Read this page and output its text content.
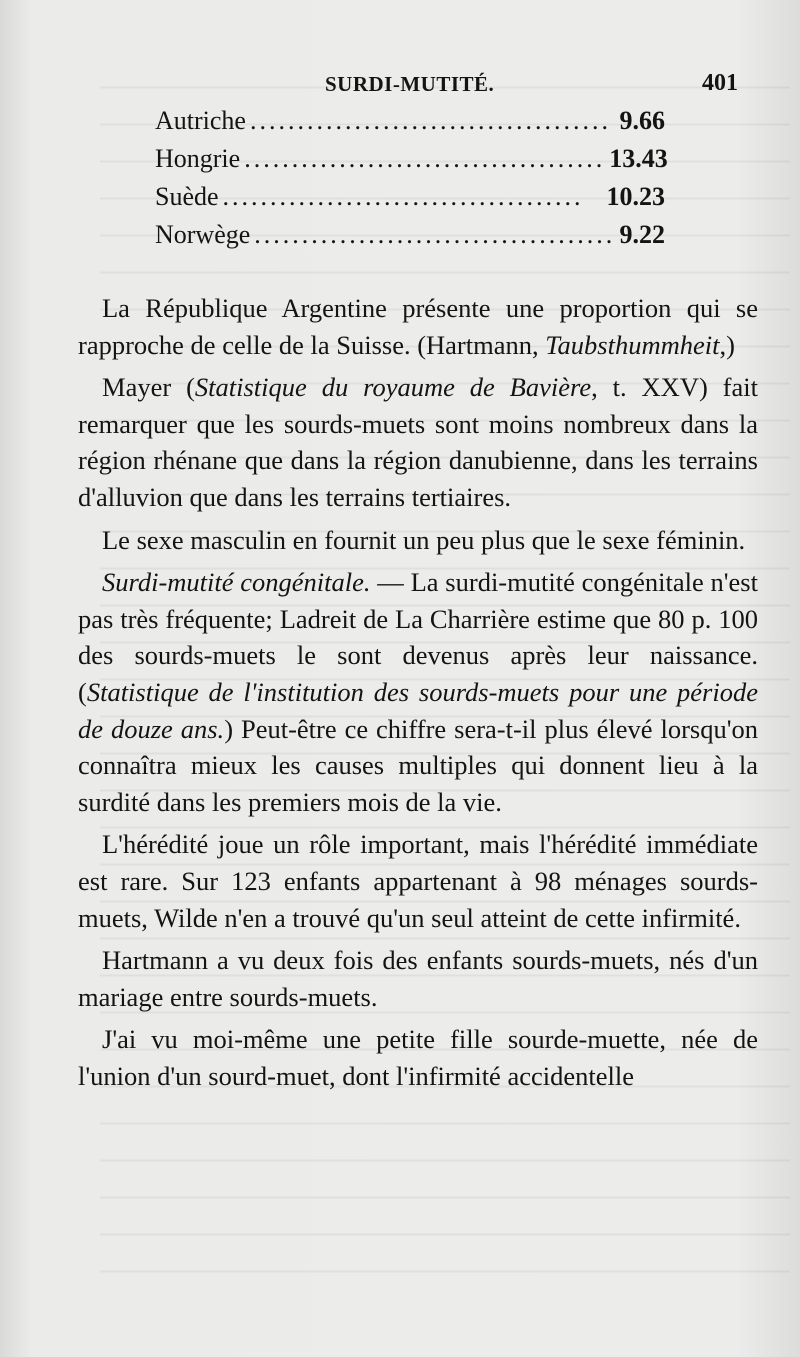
SURDI-MUTITÉ.	401
Autriche ...................................... 9.66
Hongrie ...................................... 13.43
Suède ...................................... 10.23
Norwège ...................................... 9.22

La République Argentine présente une proportion qui se rapproche de celle de la Suisse. (Hartmann, Taubsthummheit,)

Mayer (Statistique du royaume de Bavière, t. XXV) fait remarquer que les sourds-muets sont moins nombreux dans la région rhénane que dans la région danubienne, dans les terrains d'alluvion que dans les terrains tertiaires.

Le sexe masculin en fournit un peu plus que le sexe féminin.

Surdi-mutité congénitale. — La surdi-mutité congénitale n'est pas très fréquente; Ladreit de La Charrière estime que 80 p. 100 des sourds-muets le sont devenus après leur naissance. (Statistique de l'institution des sourds-muets pour une période de douze ans.) Peut-être ce chiffre sera-t-il plus élevé lorsqu'on connaîtra mieux les causes multiples qui donnent lieu à la surdité dans les premiers mois de la vie.

L'hérédité joue un rôle important, mais l'hérédité immédiate est rare. Sur 123 enfants appartenant à 98 ménages sourds-muets, Wilde n'en a trouvé qu'un seul atteint de cette infirmité.

Hartmann a vu deux fois des enfants sourds-muets, nés d'un mariage entre sourds-muets.

J'ai vu moi-même une petite fille sourde-muette, née de l'union d'un sourd-muet, dont l'infirmité accidentelle
